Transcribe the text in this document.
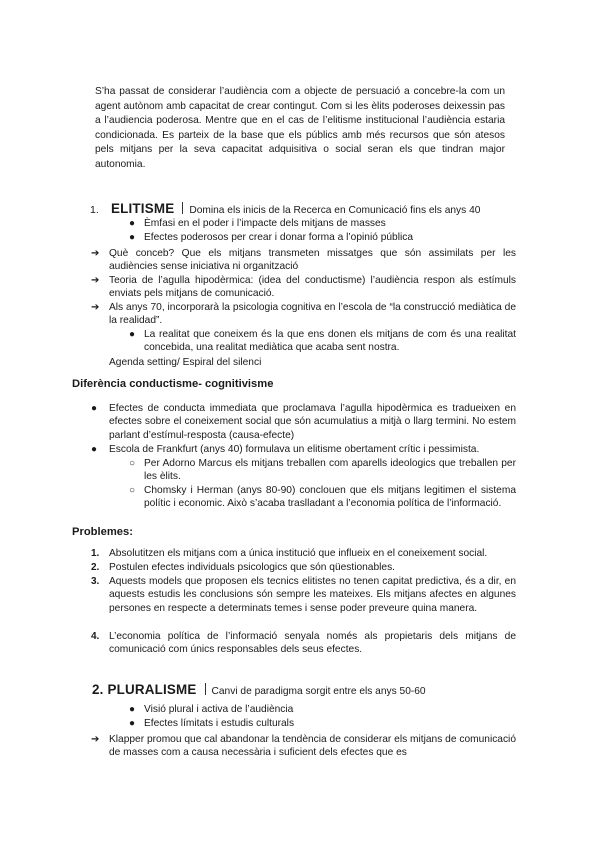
S’ha passat de considerar l’audiència com a objecte de persuació a concebre-la com un agent autònom amb capacitat de crear contingut. Com si les èlits poderoses deixessin pas a l’audiencia poderosa. Mentre que en el cas de l’elitisme institucional l’audiència estaria condicionada. Es parteix de la base que els públics amb més recursos que són atesos pels mitjans per la seva capacitat adquisitiva o social seran els que tindran major autonomia.

1. ELITISME Domina els inicis de la Recerca en Comunicació fins els anys 40
● Èmfasi en el poder i l’impacte dels mitjans de masses
● Efectes poderosos per crear i donar forma a l’opinió pública
➔ Què conceb? Que els mitjans transmeten missatges que són assimilats per les audiències sense iniciativa ni organització
➔ Teoria de l’agulla hipodèrmica: (idea del conductisme) l’audiència respon als estímuls enviats pels mitjans de comunicació.
➔ Als anys 70, incorporarà la psicologia cognitiva en l’escola de “la construcció mediàtica de la realidad”.
● La realitat que coneixem és la que ens donen els mitjans de com és una realitat concebida, una realitat mediàtica que acaba sent nostra.
Agenda setting/ Espiral del silenci
Diferència conductisme- cognitivisme
● Efectes de conducta immediata que proclamava l’agulla hipodèrmica es tradueixen en efectes sobre el coneixement social que són acumulatius a mitjà o llarg termini. No estem parlant d’estímul-resposta (causa-efecte)
● Escola de Frankfurt (anys 40) formulava un elitisme obertament crític i pessimista.
○ Per Adorno Marcus els mitjans treballen com aparells ideologics que treballen per les èlits.
○ Chomsky i Herman (anys 80-90) conclouen que els mitjans legitimen el sistema polític i economic. Això s’acaba traslladant a l’economia política de l’informació.
Problemes:
1. Absolutitzen els mitjans com a única institució que influeix en el coneixement social.
2. Postulen efectes individuals psicologics que són qüestionables.
3. Aquests models que proposen els tecnics elitistes no tenen capitat predictiva, és a dir, en aquests estudis les conclusions són sempre les mateixes. Els mitjans afectes en algunes persones en respecte a determinats temes i sense poder preveure quina manera.
4. L’economia política de l’informació senyala només als propietaris dels mitjans de comunicació com únics responsables dels seus efectes.
2. PLURALISME Canvi de paradigma sorgit entre els anys 50-60
● Visió plural i activa de l’audiència
● Efectes límitats i estudis culturals
➔ Klapper promou que cal abandonar la tendència de considerar els mitjans de comunicació de masses com a causa necessària i suficient dels efectes que es
